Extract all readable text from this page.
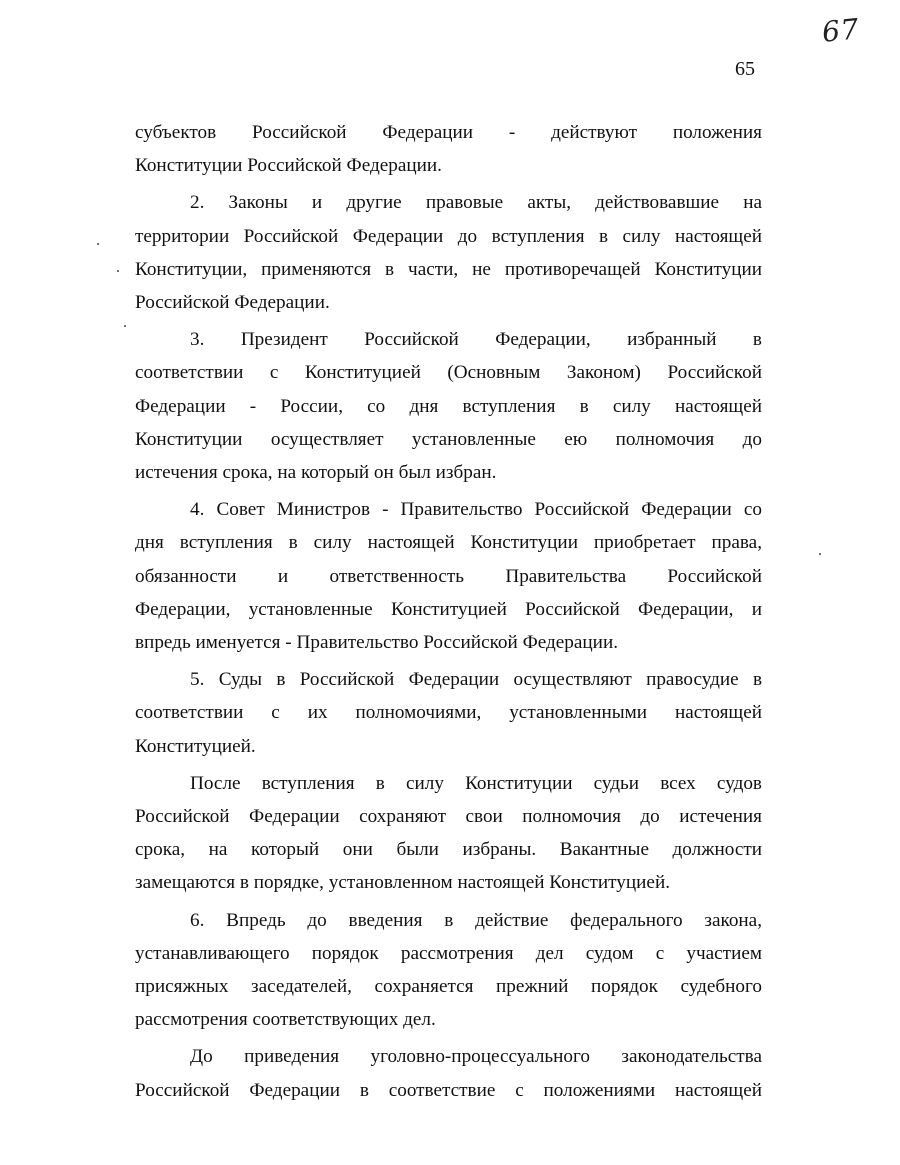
67
65

субъектов Российской Федерации - действуют положения
Конституции Российской Федерации.

2. Законы и другие правовые акты, действовавшие на
территории Российской Федерации до вступления в силу настоящей
Конституции, применяются в части, не противоречащей Конституции
Российской Федерации.

3. Президент Российской Федерации, избранный в
соответствии с Конституцией (Основным Законом) Российской
Федерации - России, со дня вступления в силу настоящей
Конституции осуществляет установленные ею полномочия до
истечения срока, на который он был избран.

4. Совет Министров - Правительство Российской Федерации со
дня вступления в силу настоящей Конституции приобретает права,
обязанности и ответственность Правительства Российской
Федерации, установленные Конституцией Российской Федерации, и
впредь именуется - Правительство Российской Федерации.

5. Суды в Российской Федерации осуществляют правосудие в
соответствии с их полномочиями, установленными настоящей
Конституцией.

После вступления в силу Конституции судьи всех судов
Российской Федерации сохраняют свои полномочия до истечения
срока, на который они были избраны. Вакантные должности
замещаются в порядке, установленном настоящей Конституцией.

6. Впредь до введения в действие федерального закона,
устанавливающего порядок рассмотрения дел судом с участием
присяжных заседателей, сохраняется прежний порядок судебного
рассмотрения соответствующих дел.

До приведения уголовно-процессуального законодательства
Российской Федерации в соответствие с положениями настоящей
